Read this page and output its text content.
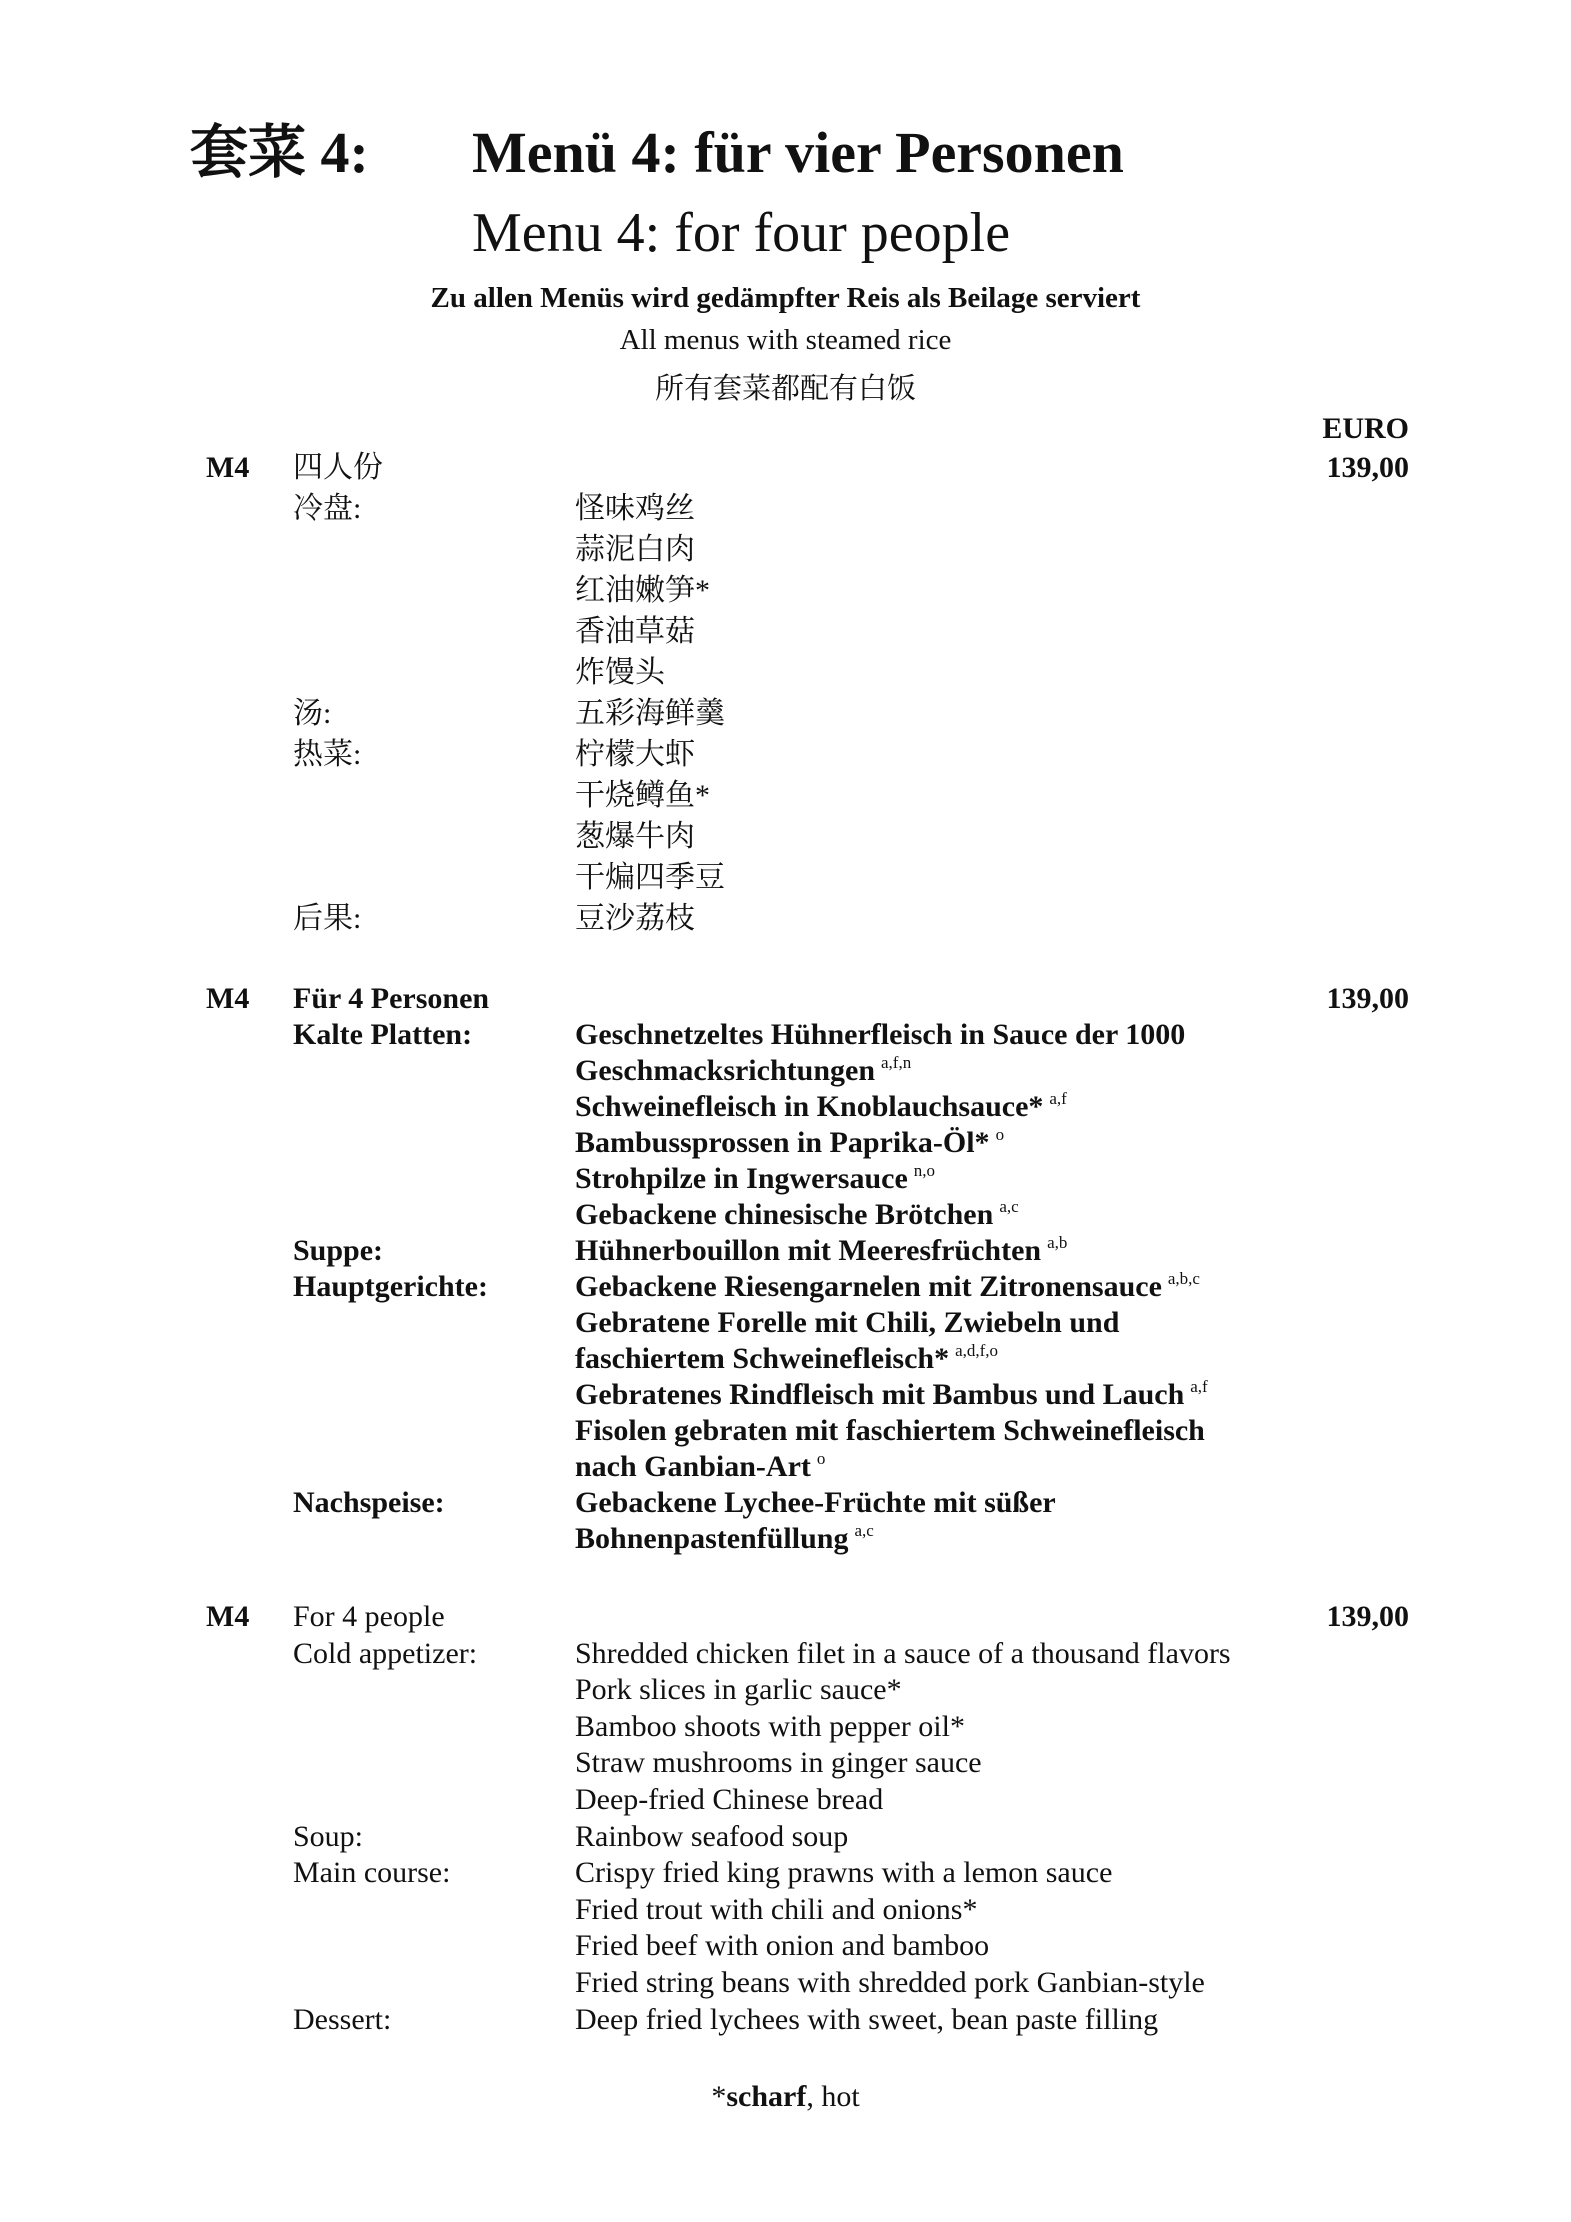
套菜 4: Menü 4: für vier Personen
Menu 4: for four people
Zu allen Menüs wird gedämpfter Reis als Beilage serviert
All menus with steamed rice
所有套菜都配有白饭
EURO
M4 四人份	139,00
冷盘:	怪味鸡丝
蒜泥白肉
红油嫩笋*
香油草菇
炸馒头
汤:	五彩海鲜羹
热菜:	柠檬大虾
干烧鳟鱼*
葱爆牛肉
干煸四季豆
后果:	豆沙荔枝
M4 Für 4 Personen	139,00
Kalte Platten:	Geschnetzeltes Hühnerfleisch in Sauce der 1000
Geschmacksrichtungen $^{a,f,n}$
Schweinefleisch in Knoblauchsauce* $^{a,f}$
Bambussprossen in Paprika-Öl* $^o$
Strohpilze in Ingwersauce $^{n,o}$
Gebackene chinesische Brötchen $^{a,c}$
Suppe:	Hühnerbouillon mit Meeresfrüchten $^{a,b}$
Hauptgerichte:	Gebackene Riesengarnelen mit Zitronensauce $^{a,b,c}$
Gebratene Forelle mit Chili, Zwiebeln und
faschiertem Schweinefleisch* $^{a,d,f,o}$
Gebratenes Rindfleisch mit Bambus und Lauch $^{a,f}$
Fisolen gebraten mit faschiertem Schweinefleisch
nach Ganbian-Art $^o$
Nachspeise:	Gebackene Lychee-Früchte mit süßer
Bohnenpastenfüllung $^{a,c}$
M4 For 4 people	139,00
Cold appetizer:	Shredded chicken filet in a sauce of a thousand flavors
Pork slices in garlic sauce*
Bamboo shoots with pepper oil*
Straw mushrooms in ginger sauce
Deep-fried Chinese bread
Soup:	Rainbow seafood soup
Main course:	Crispy fried king prawns with a lemon sauce
Fried trout with chili and onions*
Fried beef with onion and bamboo
Fried string beans with shredded pork Ganbian-style
Dessert:	Deep fried lychees with sweet, bean paste filling
*scharf, hot
